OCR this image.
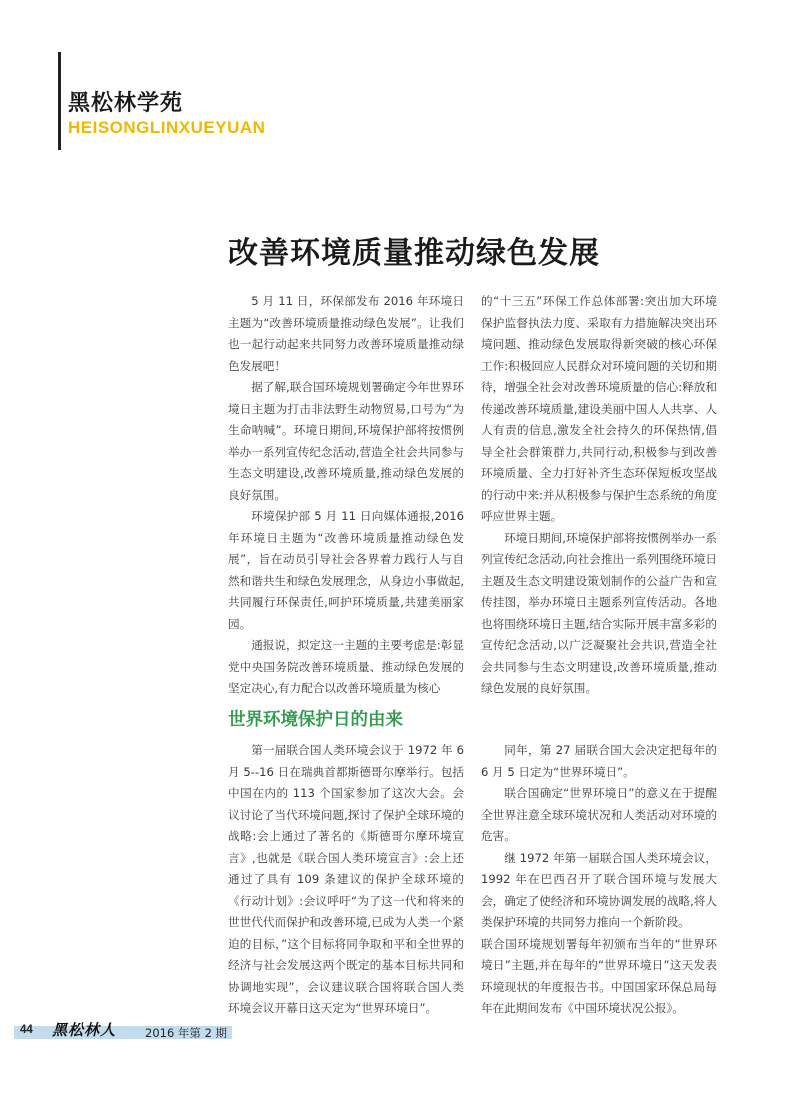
黑松林学苑
HEISONGLINXUEYUAN
改善环境质量推动绿色发展

5 月 11 日，环保部发布 2016 年环境日主题为“改善环境质量推动绿色发展”。让我们也一起行动起来共同努力改善环境质量推动绿色发展吧！

据了解,联合国环境规划署确定今年世界环境日主题为打击非法野生动物贸易,口号为“为生命呐喊”。环境日期间,环境保护部将按惯例举办一系列宣传纪念活动,营造全社会共同参与生态文明建设,改善环境质量,推动绿色发展的良好氛围。

环境保护部 5 月 11 日向媒体通报,2016 年环境日主题为“改善环境质量推动绿色发展”，旨在动员引导社会各界着力践行人与自然和谐共生和绿色发展理念，从身边小事做起,共同履行环保责任,呵护环境质量,共建美丽家园。

通报说，拟定这一主题的主要考虑是:彰显党中央国务院改善环境质量、推动绿色发展的坚定决心,有力配合以改善环境质量为核心

的“十三五”环保工作总体部署:突出加大环境保护监督执法力度、采取有力措施解决突出环境问题、推动绿色发展取得新突破的核心环保工作:积极回应人民群众对环境问题的关切和期待，增强全社会对改善环境质量的信心:释放和传递改善环境质量,建设美丽中国人人共享、人人有责的信息,激发全社会持久的环保热情,倡导全社会群策群力,共同行动,积极参与到改善环境质量、全力打好补齐生态环保短板攻坚战的行动中来:并从积极参与保护生态系统的角度呼应世界主题。

环境日期间,环境保护部将按惯例举办一系列宣传纪念活动,向社会推出一系列围绕环境日主题及生态文明建设策划制作的公益广告和宣传挂图，举办环境日主题系列宣传活动。各地也将围绕环境日主题,结合实际开展丰富多彩的宣传纪念活动,以广泛凝聚社会共识,营造全社会共同参与生态文明建设,改善环境质量,推动绿色发展的良好氛围。

世界环境保护日的由来

第一届联合国人类环境会议于 1972 年 6 月 5--16 日在瑞典首都斯德哥尔摩举行。包括中国在内的 113 个国家参加了这次大会。会议讨论了当代环境问题,探讨了保护全球环境的战略:会上通过了著名的《斯德哥尔摩环境宣言》,也就是《联合国人类环境宣言》:会上还通过了具有 109 条建议的保护全球环境的《行动计划》:会议呼吁“为了这一代和将来的世世代代而保护和改善环境,已成为人类一个紧迫的目标，”这个目标将同争取和平和全世界的经济与社会发展这两个既定的基本目标共同和协调地实现”，会议建议联合国将联合国人类环境会议开幕日这天定为“世界环境日”。

同年，第 27 届联合国大会决定把每年的 6 月 5 日定为“世界环境日”。

联合国确定“世界环境日”的意义在于提醒全世界注意全球环境状况和人类活动对环境的危害。

继 1972 年第一届联合国人类环境会议，1992 年在巴西召开了联合国环境与发展大会，确定了使经济和环境协调发展的战略,将人类保护环境的共同努力推向一个新阶段。

联合国环境规划署每年初颁布当年的“世界环境日”主题,并在每年的“世界环境日”这天发表环境现状的年度报告书。中国国家环保总局每年在此期间发布《中国环境状况公报》。

44 黑松林人	2016 年第 2 期
